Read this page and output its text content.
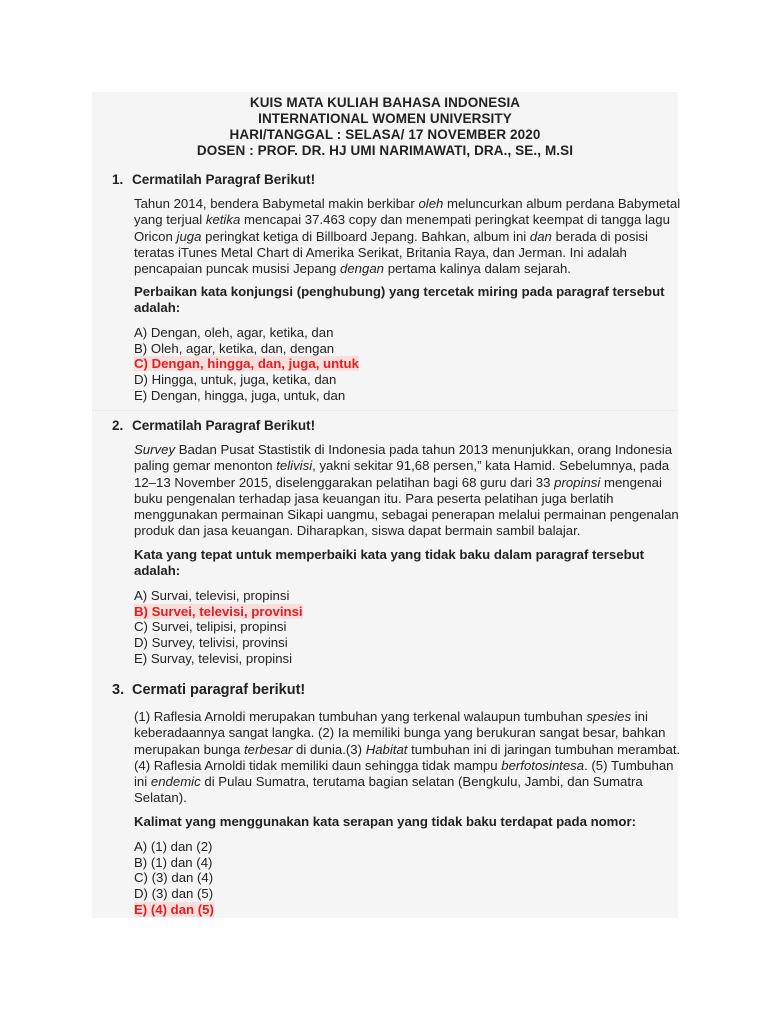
KUIS MATA KULIAH BAHASA INDONESIA
INTERNATIONAL WOMEN UNIVERSITY
HARI/TANGGAL : SELASA/ 17 NOVEMBER 2020
DOSEN : PROF. DR. HJ UMI NARIMAWATI, DRA., SE., M.SI
1. Cermatilah Paragraf Berikut!
Tahun 2014, bendera Babymetal makin berkibar oleh meluncurkan album perdana Babymetal yang terjual ketika mencapai 37.463 copy dan menempati peringkat keempat di tangga lagu Oricon juga peringkat ketiga di Billboard Jepang. Bahkan, album ini dan berada di posisi teratas iTunes Metal Chart di Amerika Serikat, Britania Raya, dan Jerman. Ini adalah pencapaian puncak musisi Jepang dengan pertama kalinya dalam sejarah.
Perbaikan kata konjungsi (penghubung) yang tercetak miring pada paragraf tersebut adalah:
A) Dengan, oleh, agar, ketika, dan
B) Oleh, agar, ketika, dan, dengan
C) Dengan, hingga, dan, juga, untuk
D) Hingga, untuk, juga, ketika, dan
E) Dengan, hingga, juga, untuk, dan
2. Cermatilah Paragraf Berikut!
Survey Badan Pusat Stastistik di Indonesia pada tahun 2013 menunjukkan, orang Indonesia paling gemar menonton telivisi, yakni sekitar 91,68 persen,” kata Hamid. Sebelumnya, pada 12–13 November 2015, diselenggarakan pelatihan bagi 68 guru dari 33 propinsi mengenai buku pengenalan terhadap jasa keuangan itu. Para peserta pelatihan juga berlatih menggunakan permainan Sikapi uangmu, sebagai penerapan melalui permainan pengenalan produk dan jasa keuangan. Diharapkan, siswa dapat bermain sambil balajar.
Kata yang tepat untuk memperbaiki kata yang tidak baku dalam paragraf tersebut adalah:
A) Survai, televisi, propinsi
B) Survei, televisi, provinsi
C) Survei, telipisi, propinsi
D) Survey, telivisi, provinsi
E) Survay, televisi, propinsi
3. Cermati paragraf berikut!
(1) Raflesia Arnoldi merupakan tumbuhan yang terkenal walaupun tumbuhan spesies ini keberadaannya sangat langka. (2) Ia memiliki bunga yang berukuran sangat besar, bahkan merupakan bunga terbesar di dunia.(3) Habitat tumbuhan ini di jaringan tumbuhan merambat. (4) Raflesia Arnoldi tidak memiliki daun sehingga tidak mampu berfotosintesa. (5) Tumbuhan ini endemic di Pulau Sumatra, terutama bagian selatan (Bengkulu, Jambi, dan Sumatra Selatan).
Kalimat yang menggunakan kata serapan yang tidak baku terdapat pada nomor:
A) (1) dan (2)
B) (1) dan (4)
C) (3) dan (4)
D) (3) dan (5)
E) (4) dan (5)
